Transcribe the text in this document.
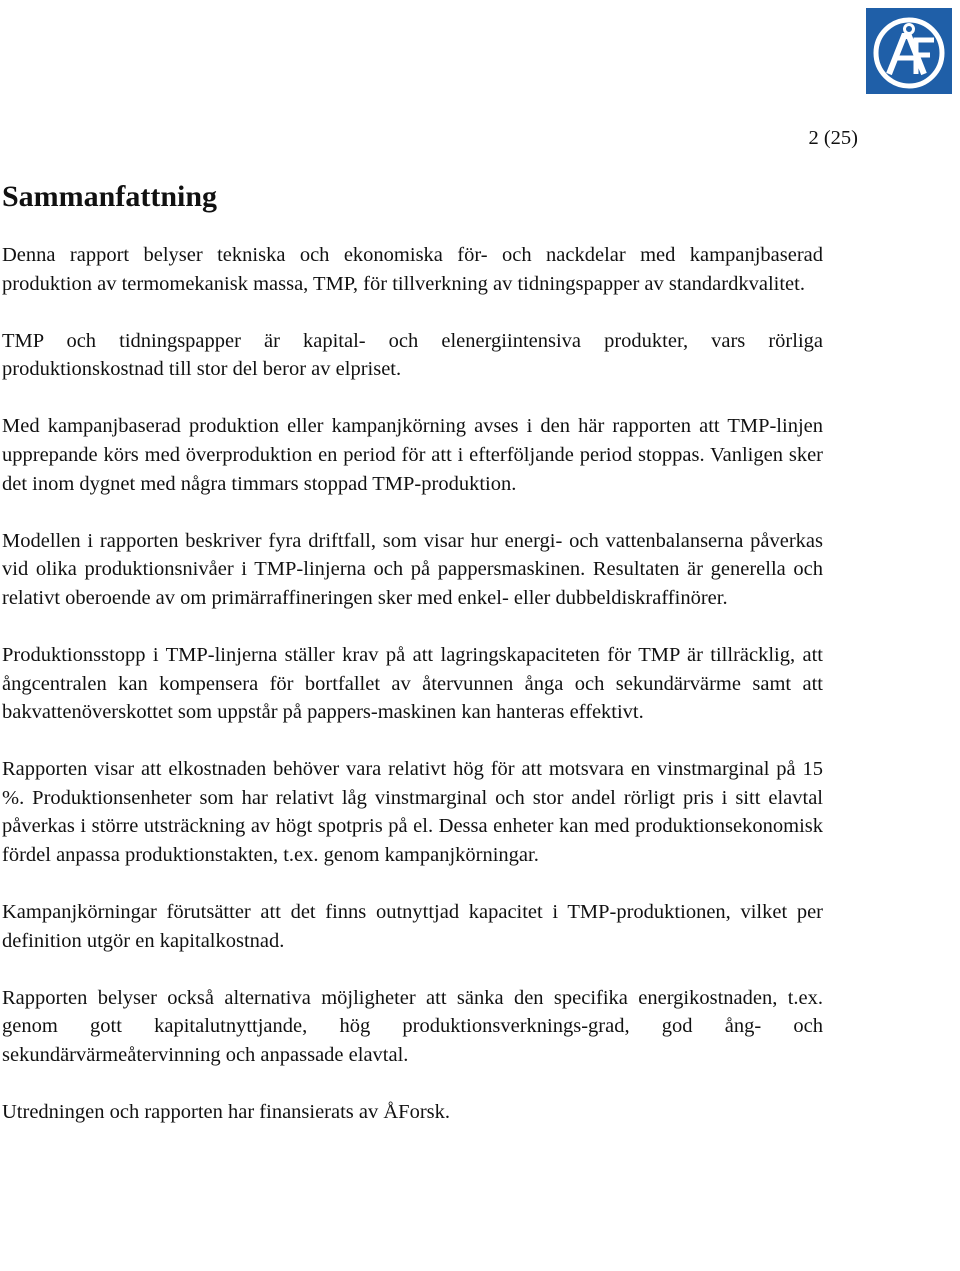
2 (25)
Sammanfattning

Denna rapport belyser tekniska och ekonomiska för- och nackdelar med kampanjbaserad produktion av termomekanisk massa, TMP, för tillverkning av tidningspapper av standardkvalitet.

TMP och tidningspapper är kapital- och elenergiintensiva produkter, vars rörliga produktionskostnad till stor del beror av elpriset.

Med kampanjbaserad produktion eller kampanjkörning avses i den här rapporten att TMP-linjen upprepande körs med överproduktion en period för att i efterföljande period stoppas. Vanligen sker det inom dygnet med några timmars stoppad TMP-produktion.

Modellen i rapporten beskriver fyra driftfall, som visar hur energi- och vattenbalanserna påverkas vid olika produktionsnivåer i TMP-linjerna och på pappersmaskinen. Resultaten är generella och relativt oberoende av om primärraffineringen sker med enkel- eller dubbeldiskraffinörer.

Produktionsstopp i TMP-linjerna ställer krav på att lagringskapaciteten för TMP är tillräcklig, att ångcentralen kan kompensera för bortfallet av återvunnen ånga och sekundärvärme samt att bakvattenöverskottet som uppstår på pappers-maskinen kan hanteras effektivt.

Rapporten visar att elkostnaden behöver vara relativt hög för att motsvara en vinstmarginal på 15 %. Produktionsenheter som har relativt låg vinstmarginal och stor andel rörligt pris i sitt elavtal påverkas i större utsträckning av högt spotpris på el. Dessa enheter kan med produktionsekonomisk fördel anpassa produktionstakten, t.ex. genom kampanjkörningar.

Kampanjkörningar förutsätter att det finns outnyttjad kapacitet i TMP-produktionen, vilket per definition utgör en kapitalkostnad.

Rapporten belyser också alternativa möjligheter att sänka den specifika energikostnaden, t.ex. genom gott kapitalutnyttjande, hög produktionsverknings-grad, god ång- och sekundärvärmeåtervinning och anpassade elavtal.

Utredningen och rapporten har finansierats av ÅForsk.
